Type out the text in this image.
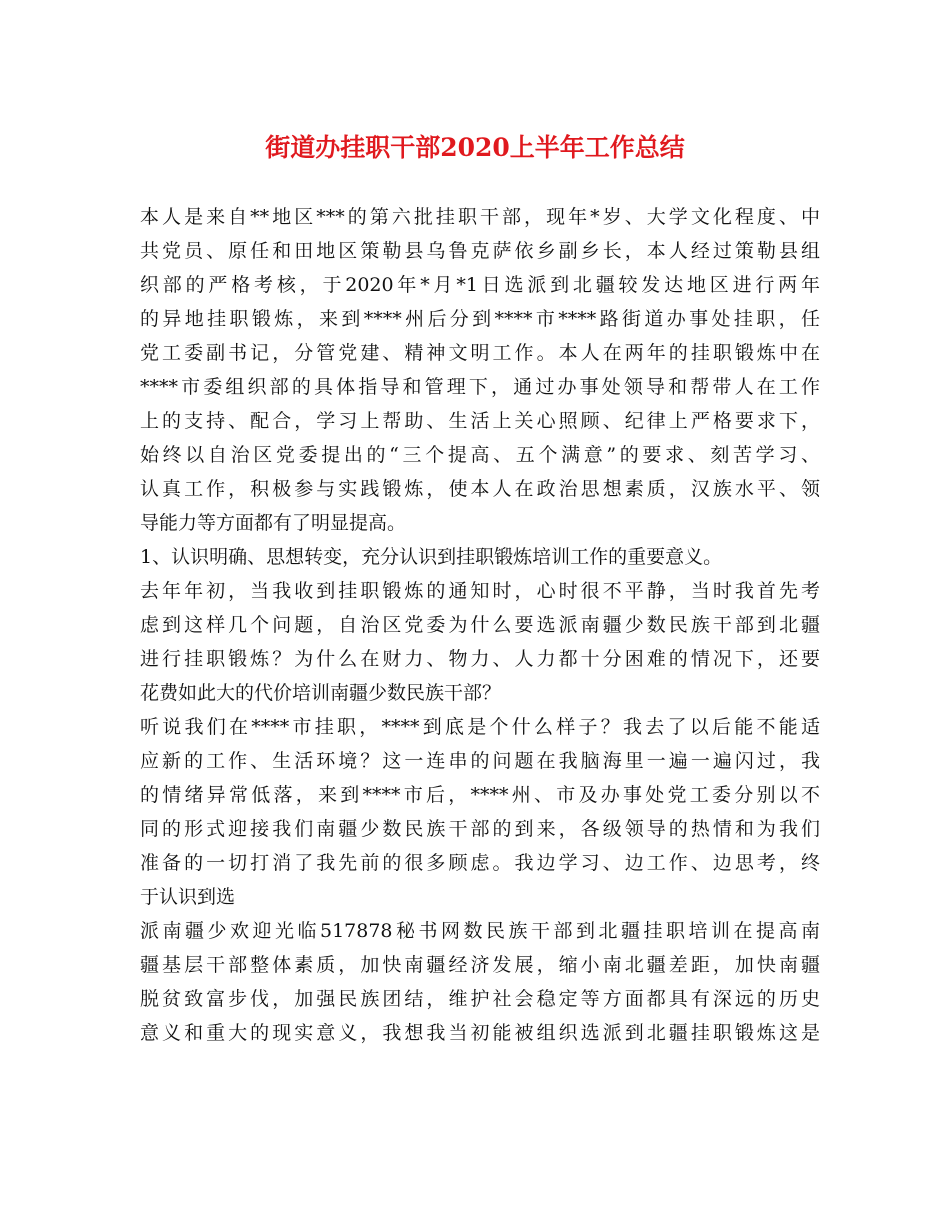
街道办挂职干部2020上半年工作总结
本人是来自**地区***的第六批挂职干部，现年*岁、大学文化程度、中
共党员、原任和田地区策勒县乌鲁克萨依乡副乡长，本人经过策勒县组
织部的严格考核，于2020年*月*1日选派到北疆较发达地区进行两年
的异地挂职锻炼，来到****州后分到****市****路街道办事处挂职，任
党工委副书记，分管党建、精神文明工作。本人在两年的挂职锻炼中在
****市委组织部的具体指导和管理下，通过办事处领导和帮带人在工作
上的支持、配合，学习上帮助、生活上关心照顾、纪律上严格要求下，
始终以自治区党委提出的“三个提高、五个满意”的要求、刻苦学习、
认真工作，积极参与实践锻炼，使本人在政治思想素质，汉族水平、领
导能力等方面都有了明显提高。
1、认识明确、思想转变，充分认识到挂职锻炼培训工作的重要意义。
去年年初，当我收到挂职锻炼的通知时，心时很不平静，当时我首先考
虑到这样几个问题，自治区党委为什么要选派南疆少数民族干部到北疆
进行挂职锻炼？为什么在财力、物力、人力都十分困难的情况下，还要
花费如此大的代价培训南疆少数民族干部？
听说我们在****市挂职，****到底是个什么样子？我去了以后能不能适
应新的工作、生活环境？这一连串的问题在我脑海里一遍一遍闪过，我
的情绪异常低落，来到****市后，****州、市及办事处党工委分别以不
同的形式迎接我们南疆少数民族干部的到来，各级领导的热情和为我们
准备的一切打消了我先前的很多顾虑。我边学习、边工作、边思考，终
于认识到选
派南疆少欢迎光临517878秘书网数民族干部到北疆挂职培训在提高南
疆基层干部整体素质，加快南疆经济发展，缩小南北疆差距，加快南疆
脱贫致富步伐，加强民族团结，维护社会稳定等方面都具有深远的历史
意义和重大的现实意义，我想我当初能被组织选派到北疆挂职锻炼这是
